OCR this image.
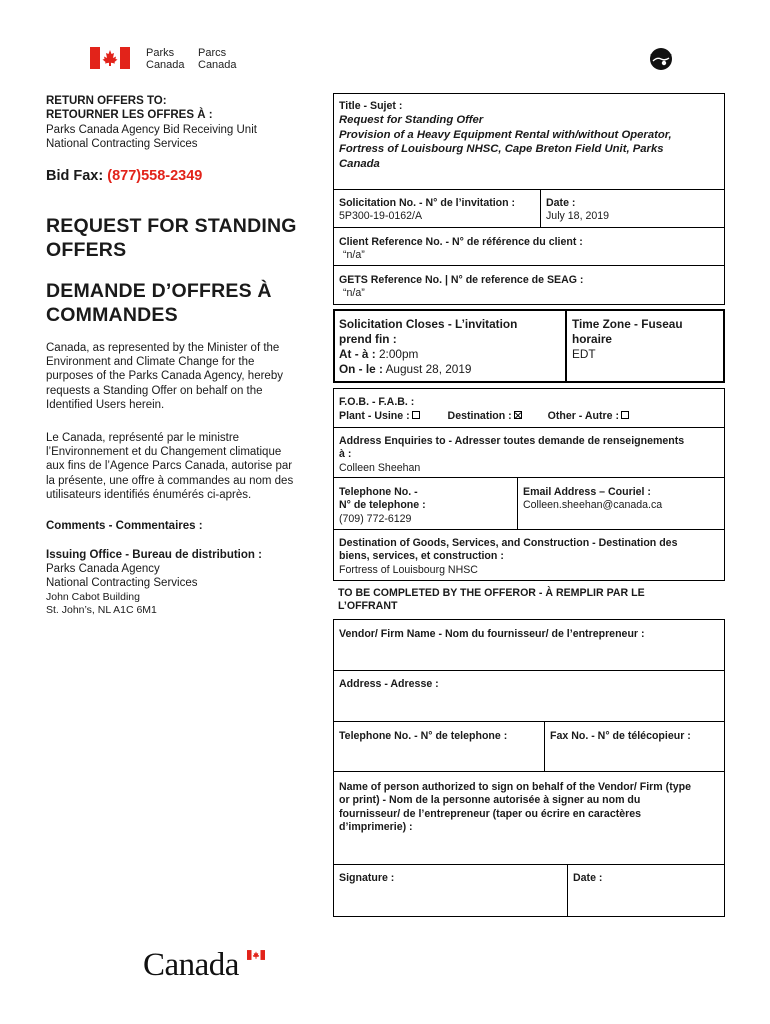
Parks
Canada
Parcs
Canada
RETURN OFFERS TO:
RETOURNER LES OFFRES À :
Parks Canada Agency Bid Receiving Unit
National Contracting Services
Bid Fax: (877)558-2349
REQUEST FOR STANDING
OFFERS
DEMANDE D’OFFRES À
COMMANDES
Canada, as represented by the Minister of the
Environment and Climate Change for the
purposes of the Parks Canada Agency, hereby
requests a Standing Offer on behalf on the
Identified Users herein.
Le Canada, représenté par le ministre
l’Environnement et du Changement climatique
aux fins de l’Agence Parcs Canada, autorise par
la présente, une offre à commandes au nom des
utilisateurs identifiés énumérés ci-après.
Comments - Commentaires :
Issuing Office - Bureau de distribution :
Parks Canada Agency
National Contracting Services
John Cabot Building
St. John’s, NL A1C 6M1
Title - Sujet :
Request for Standing Offer
Provision of a Heavy Equipment Rental with/without Operator,
Fortress of Louisbourg NHSC, Cape Breton Field Unit, Parks
Canada
Solicitation No. - N° de l’invitation :
5P300-19-0162/A
Date :
July 18, 2019
Client Reference No. - N° de référence du client :
“n/a”
GETS Reference No. | N° de reference de SEAG :
“n/a”
Solicitation Closes - L’invitation
prend fin :
At - à : 2:00pm
On - le : August 28, 2019
Time Zone - Fuseau
horaire
EDT
F.O.B. - F.A.B. :
Plant - Usine :	Destination :	Other - Autre :
Address Enquiries to - Adresser toutes demande de renseignements
à :
Colleen Sheehan
Telephone No. -
N° de telephone :
(709) 772-6129
Email Address – Couriel :
Colleen.sheehan@canada.ca
Destination of Goods, Services, and Construction - Destination des
biens, services, et construction :
Fortress of Louisbourg NHSC
TO BE COMPLETED BY THE OFFEROR - À REMPLIR PAR LE
L’OFFRANT
Vendor/ Firm Name - Nom du fournisseur/ de l’entrepreneur :
Address - Adresse :
Telephone No. - N° de telephone :	Fax No. - N° de télécopieur :
Name of person authorized to sign on behalf of the Vendor/ Firm (type
or print) - Nom de la personne autorisée à signer au nom du
fournisseur/ de l’entrepreneur (taper ou écrire en caractères
d’imprimerie) :
Signature :	Date :
Canada
